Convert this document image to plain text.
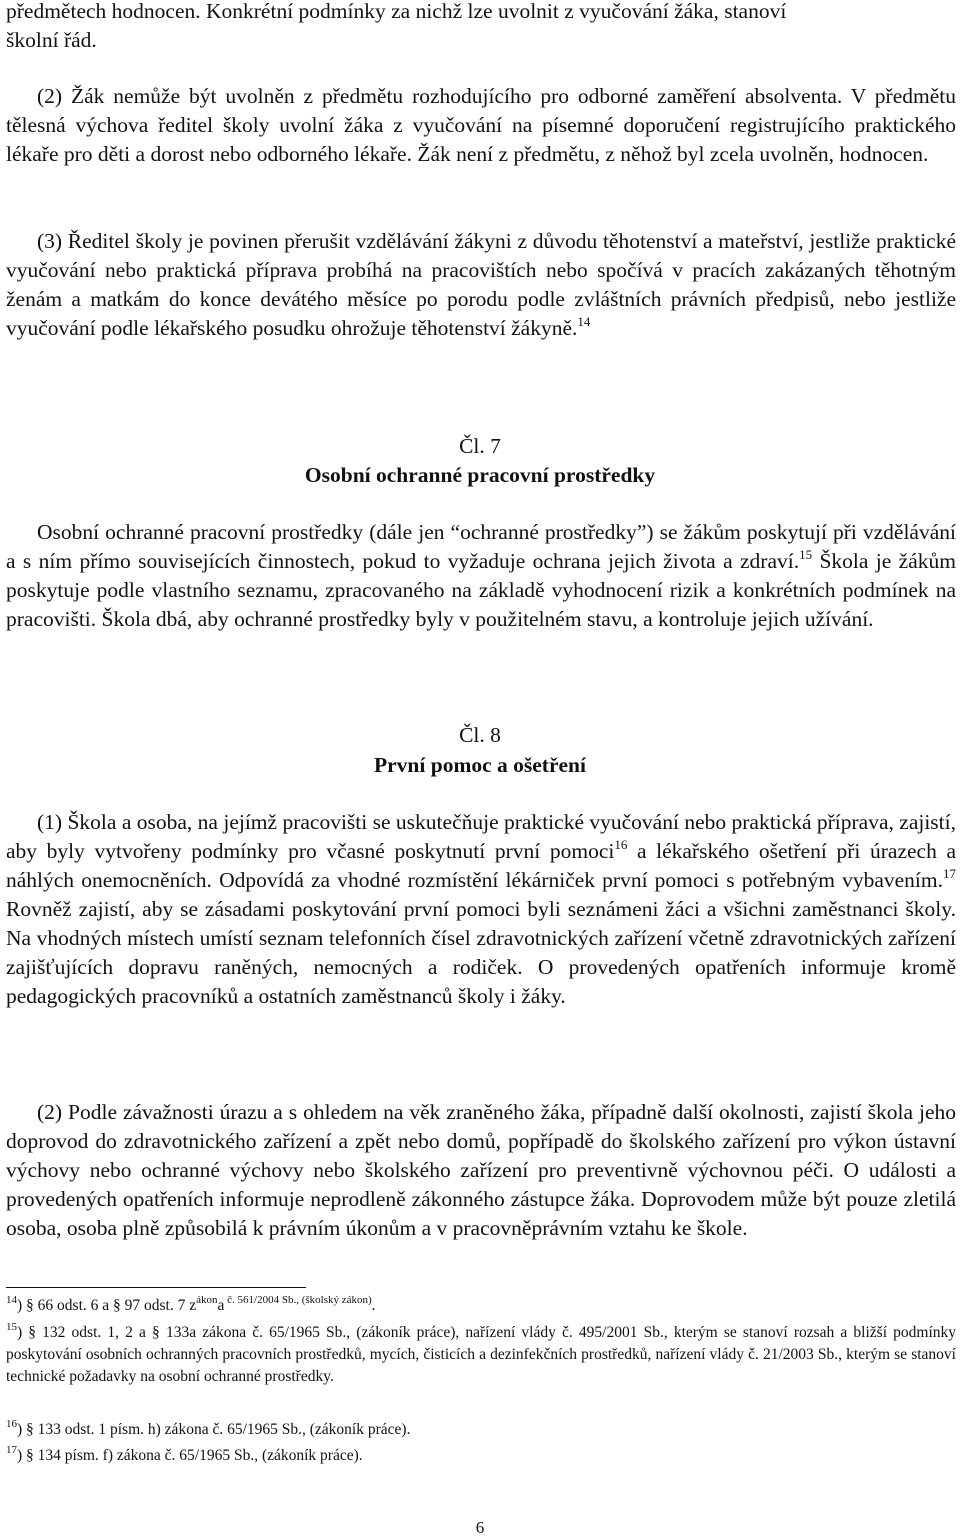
předmětech hodnocen. Konkrétní podmínky za nichž lze uvolnit z vyučování žáka, stanoví
školní řád.

(2) Žák nemůže být uvolněn z předmětu rozhodujícího pro odborné zaměření absolventa. V předmětu tělesná výchova ředitel školy uvolní žáka z vyučování na písemné doporučení registrujícího praktického lékaře pro děti a dorost nebo odborného lékaře. Žák není z předmětu, z něhož byl zcela uvolněn, hodnocen.

(3) Ředitel školy je povinen přerušit vzdělávání žákyni z důvodu těhotenství a mateřství, jestliže praktické vyučování nebo praktická příprava probíhá na pracovištích nebo spočívá v pracích zakázaných těhotným ženám a matkám do konce devátého měsíce po porodu podle zvláštních právních předpisů, nebo jestliže vyučování podle lékařského posudku ohrožuje těhotenství žákyně.$^{14}$

Čl. 7
Osobní ochranné pracovní prostředky

Osobní ochranné pracovní prostředky (dále jen “ochranné prostředky”) se žákům poskytují při vzdělávání a s ním přímo souvisejících činnostech, pokud to vyžaduje ochrana jejich života a zdraví.$^{15}$ Škola je žákům poskytuje podle vlastního seznamu, zpracovaného na základě vyhodnocení rizik a konkrétních podmínek na pracovišti. Škola dbá, aby ochranné prostředky byly v použitelném stavu, a kontroluje jejich užívání.

Čl. 8
První pomoc a ošetření

(1) Škola a osoba, na jejímž pracovišti se uskutečňuje praktické vyučování nebo praktická příprava, zajistí, aby byly vytvořeny podmínky pro včasné poskytnutí první pomoci$^{16}$ a lékařského ošetření při úrazech a náhlých onemocněních. Odpovídá za vhodné rozmístění lékárniček první pomoci s potřebným vybavením.$^{17}$ Rovněž zajistí, aby se zásadami poskytování první pomoci byli seznámeni žáci a všichni zaměstnanci školy. Na vhodných místech umístí seznam telefonních čísel zdravotnických zařízení včetně zdravotnických zařízení zajišťujících dopravu raněných, nemocných a rodiček. O provedených opatřeních informuje kromě pedagogických pracovníků a ostatních zaměstnanců školy i žáky.

(2) Podle závažnosti úrazu a s ohledem na věk zraněného žáka, případně další okolnosti, zajistí škola jeho doprovod do zdravotnického zařízení a zpět nebo domů, popřípadě do školského zařízení pro výkon ústavní výchovy nebo ochranné výchovy nebo školského zařízení pro preventivně výchovnou péči. O události a provedených opatřeních informuje neprodleně zákonného zástupce žáka. Doprovodem může být pouze zletilá osoba, osoba plně způsobilá k právním úkonům a v pracovněprávním vztahu ke škole.

$^{14}$) § 66 odst. 6 a § 97 odst. 7 $z^{ákon}a$ $^{č. 561/2004 Sb., (školský zákon)}$.
$^{15}$) § 132 odst. 1, 2 a § 133a zákona č. 65/1965 Sb., (zákoník práce), nařízení vlády č. 495/2001 Sb., kterým se stanoví rozsah a bližší podmínky poskytování osobních ochranných pracovních prostředků, mycích, čisticích a dezinfekčních prostředků, nařízení vlády č. 21/2003 Sb., kterým se stanoví technické požadavky na osobní ochranné prostředky.
$^{16}$) § 133 odst. 1 písm. h) zákona č. 65/1965 Sb., (zákoník práce).
$^{17}$) § 134 písm. f) zákona č. 65/1965 Sb., (zákoník práce).
6
